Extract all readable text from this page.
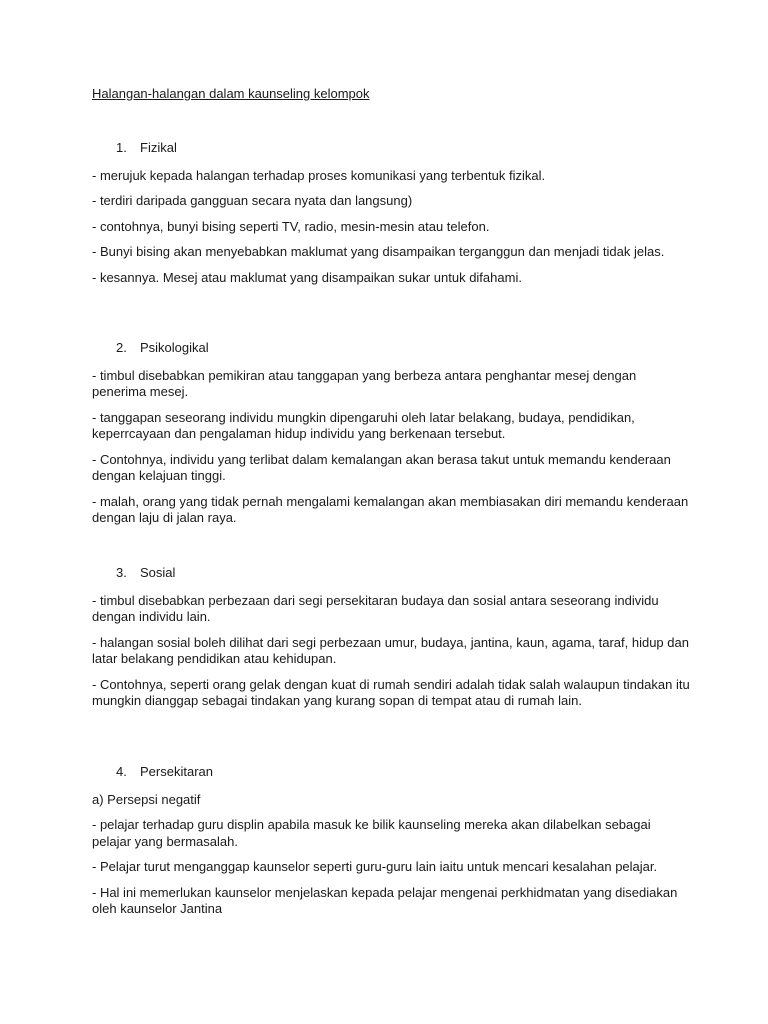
Halangan-halangan dalam kaunseling kelompok
1. Fizikal

- merujuk kepada halangan terhadap proses komunikasi yang terbentuk fizikal.

- terdiri daripada gangguan secara nyata dan langsung)

- contohnya, bunyi bising seperti TV, radio, mesin-mesin atau telefon.

- Bunyi bising akan menyebabkan maklumat yang disampaikan terganggun dan menjadi tidak jelas.

- kesannya. Mesej atau maklumat yang disampaikan sukar untuk difahami.

2. Psikologikal

- timbul disebabkan pemikiran atau tanggapan yang berbeza antara penghantar mesej dengan penerima mesej.

- tanggapan seseorang individu mungkin dipengaruhi oleh latar belakang, budaya, pendidikan, keperrcayaan dan pengalaman hidup individu yang berkenaan tersebut.

- Contohnya, individu yang terlibat dalam kemalangan akan berasa takut untuk memandu kenderaan dengan kelajuan tinggi.

- malah, orang yang tidak pernah mengalami kemalangan akan membiasakan diri memandu kenderaan dengan laju di jalan raya.

3. Sosial

- timbul disebabkan perbezaan dari segi persekitaran budaya dan sosial antara seseorang individu dengan individu lain.

- halangan sosial boleh dilihat dari segi perbezaan umur, budaya, jantina, kaun, agama, taraf, hidup dan latar belakang pendidikan atau kehidupan.

- Contohnya, seperti orang gelak dengan kuat di rumah sendiri adalah tidak salah walaupun tindakan itu mungkin dianggap sebagai tindakan yang kurang sopan di tempat atau di rumah lain.

4. Persekitaran

a) Persepsi negatif

- pelajar terhadap guru displin apabila masuk ke bilik kaunseling mereka akan dilabelkan sebagai pelajar yang bermasalah.

- Pelajar turut menganggap kaunselor seperti guru-guru lain iaitu untuk mencari kesalahan pelajar.

- Hal ini memerlukan kaunselor menjelaskan kepada pelajar mengenai perkhidmatan yang disediakan oleh kaunselor Jantina
